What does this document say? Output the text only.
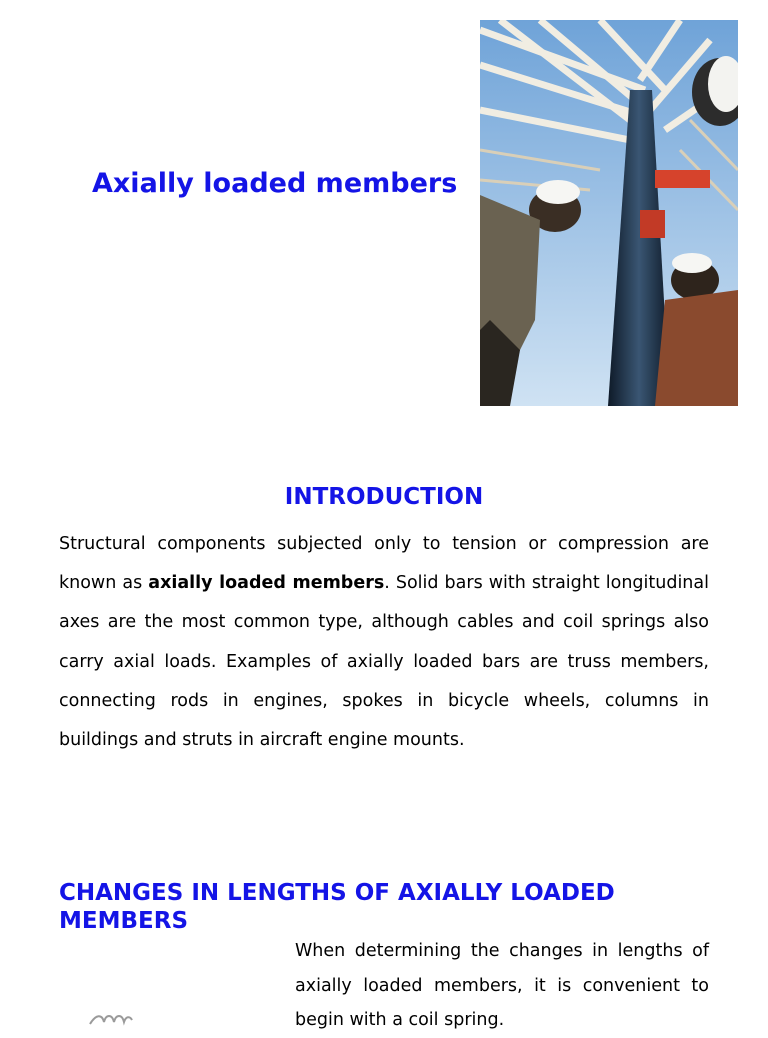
Axially loaded members
INTRODUCTION

Structural components subjected only to tension or compression are known as axially loaded members. Solid bars with straight longitudinal axes are the most common type, although cables and coil springs also carry axial loads. Examples of axially loaded bars are truss members, connecting rods in engines, spokes in bicycle wheels, columns in buildings and struts in aircraft engine mounts.

CHANGES IN LENGTHS OF AXIALLY LOADED MEMBERS

When determining the changes in lengths of axially loaded members, it is convenient to begin with a coil spring.
